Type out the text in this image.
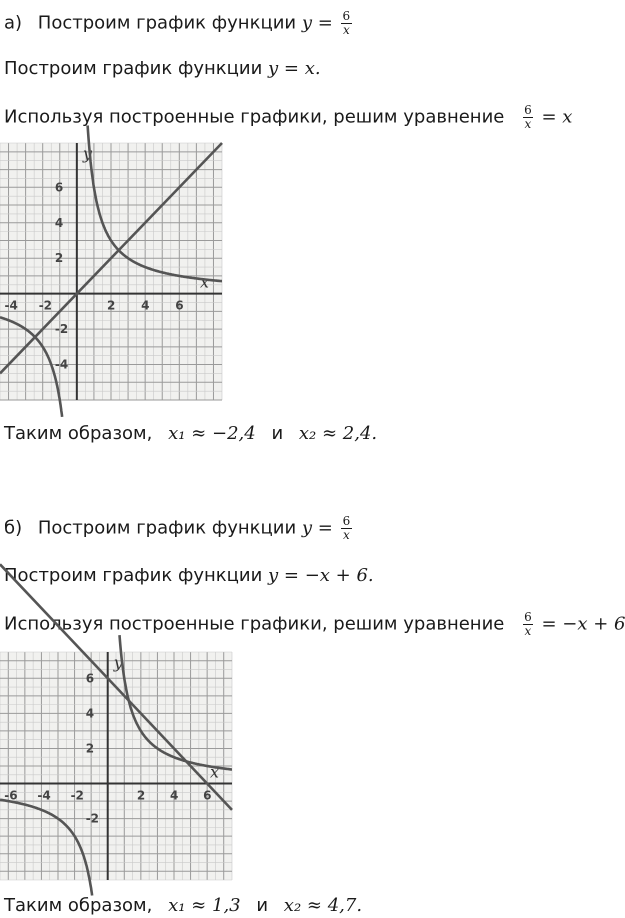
а) Построим график функции $y = \frac{6}{x}$
Построим график функции y = x.
Используя построенные графики, решим уравнение $\frac{6}{x} = x$
y
x
-4 -2	2 4 6
6
4
2
-2
-4
Таким образом, x₁ ≈ −2,4 и x₂ ≈ 2,4.
б) Построим график функции $y = \frac{6}{x}$
Построим график функции y = −x + 6.
Используя построенные графики, решим уравнение $\frac{6}{x} = -x + 6$
y
x
-6 -4 -2	2 4 6
6
4
2
-2
Таким образом, x₁ ≈ 1,3 и x₂ ≈ 4,7.
